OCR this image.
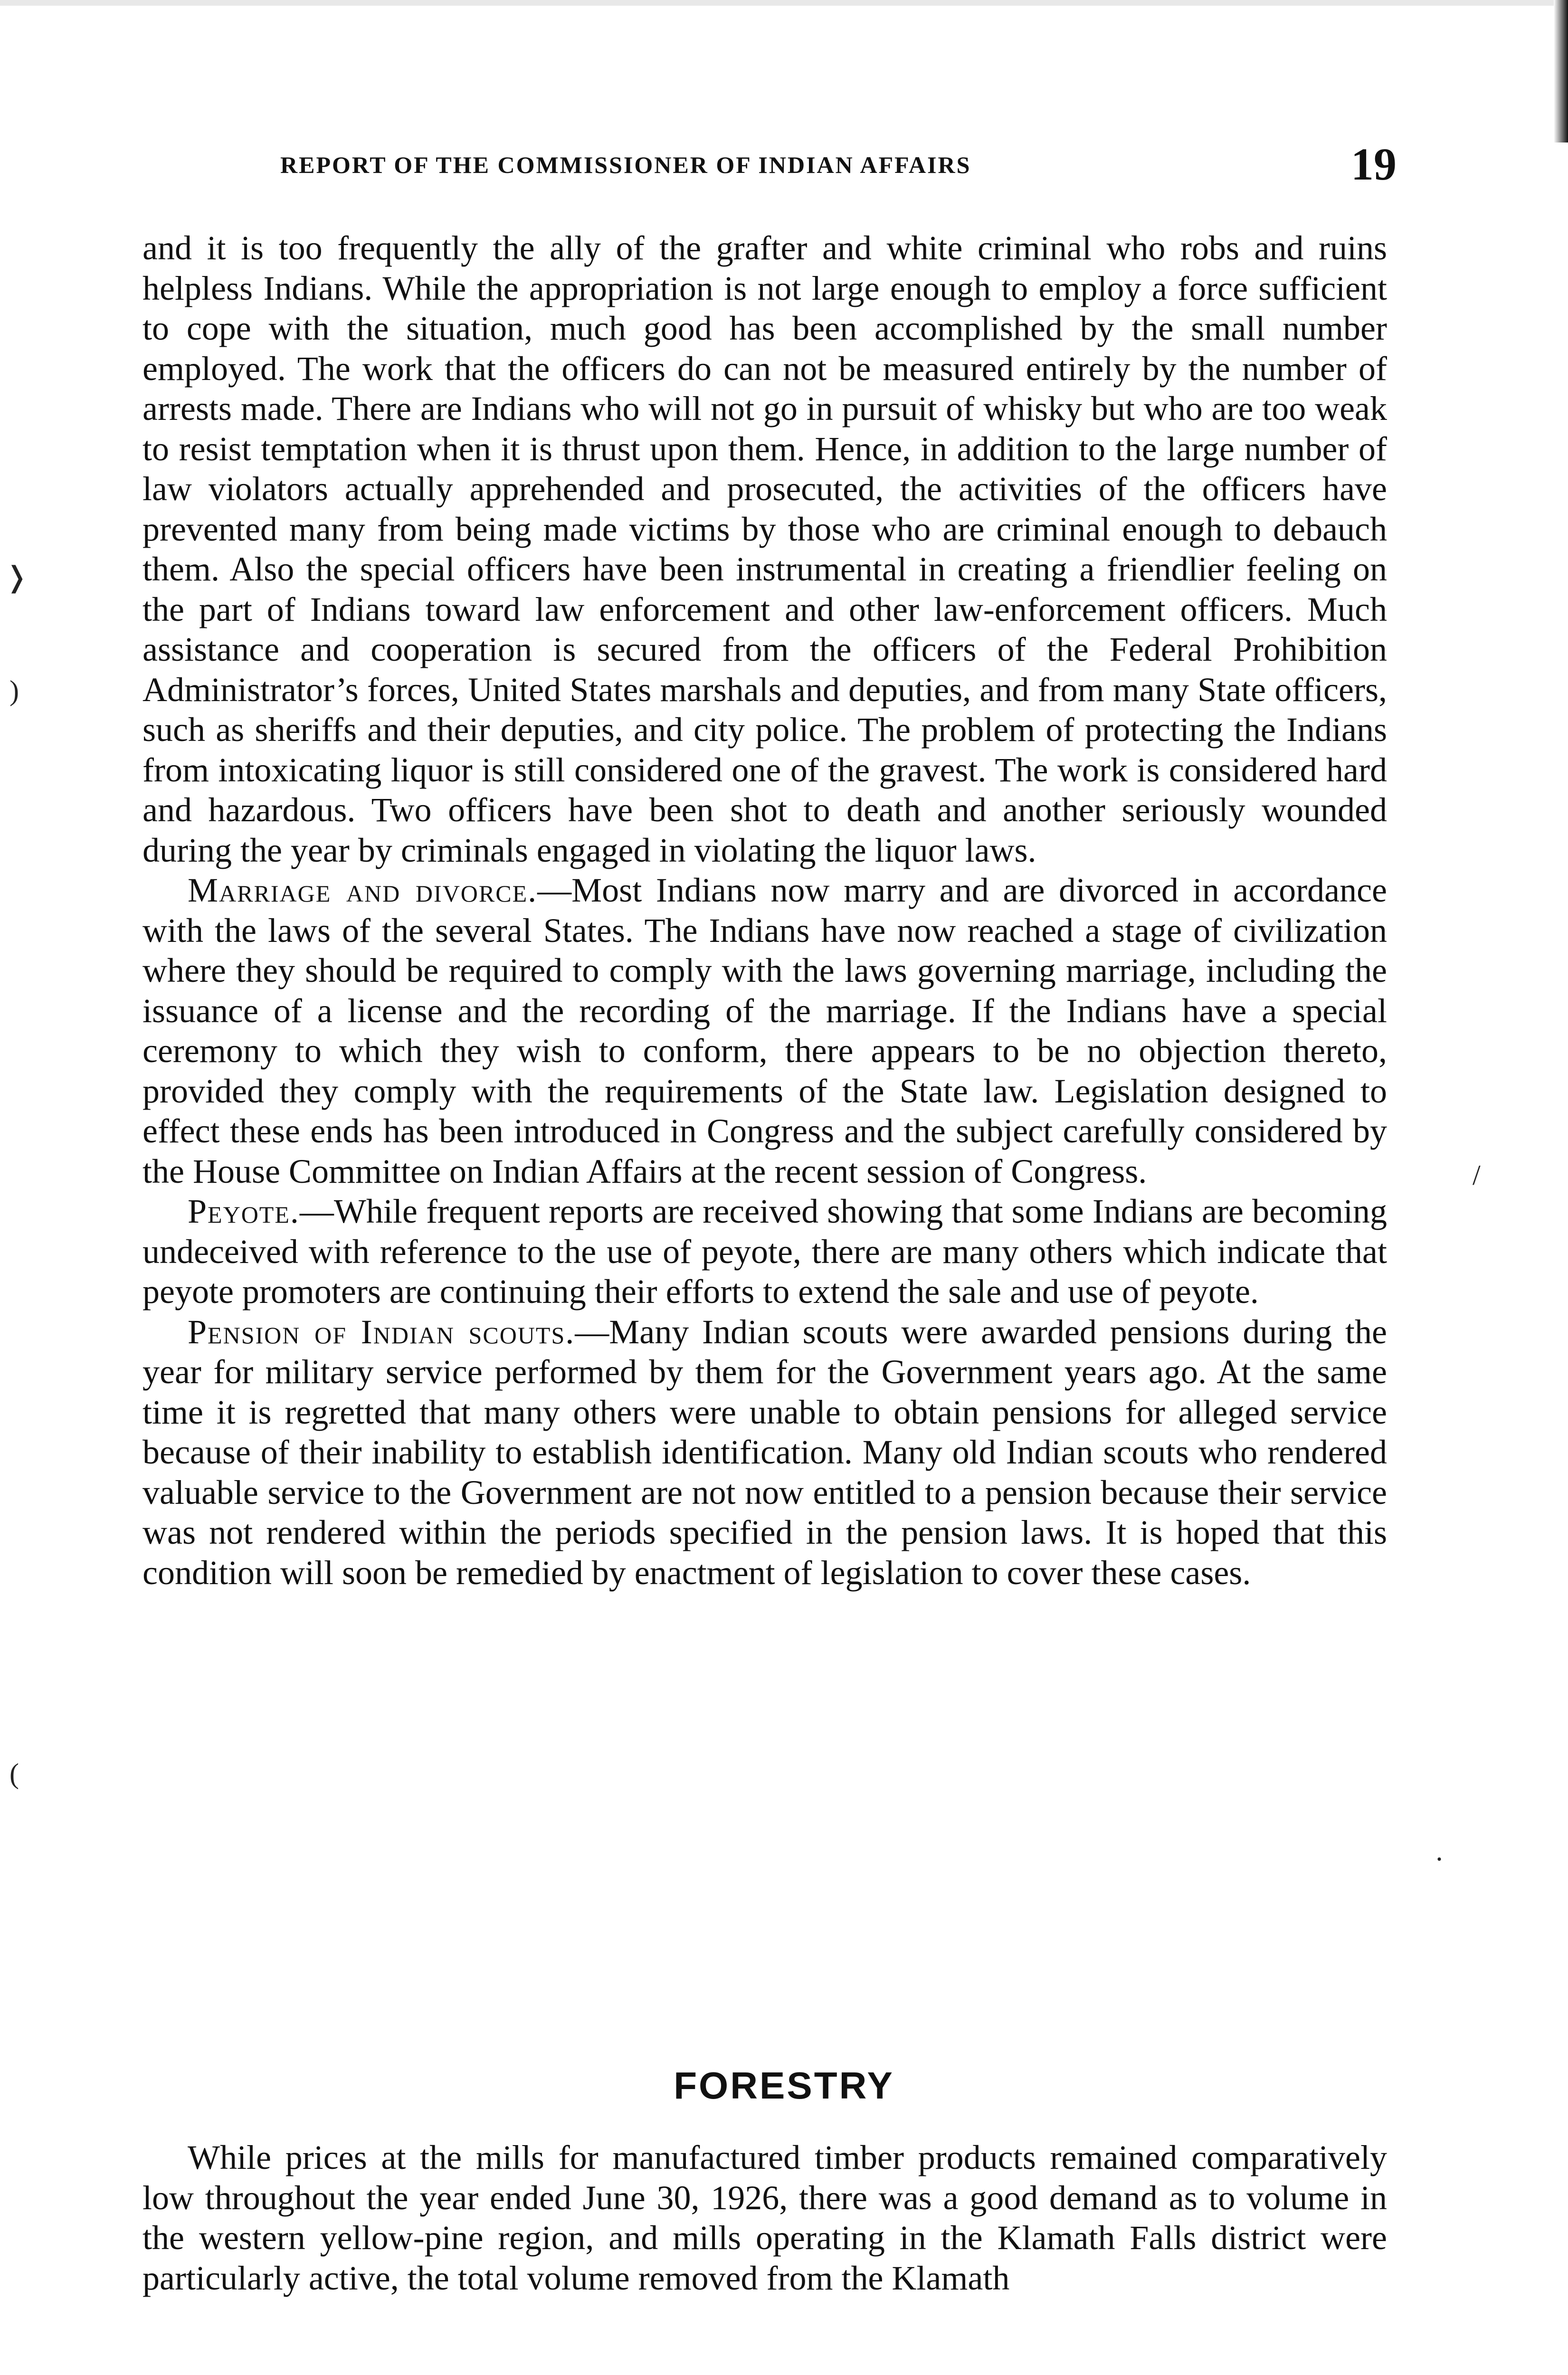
REPORT OF THE COMMISSIONER OF INDIAN AFFAIRS	19

and it is too frequently the ally of the grafter and white criminal who robs and ruins helpless Indians. While the appropriation is not large enough to employ a force sufficient to cope with the situation, much good has been accomplished by the small number employed. The work that the officers do can not be measured entirely by the number of arrests made. There are Indians who will not go in pursuit of whisky but who are too weak to resist temptation when it is thrust upon them. Hence, in addition to the large number of law violators actually apprehended and prosecuted, the activities of the officers have prevented many from being made victims by those who are criminal enough to debauch them. Also the special officers have been instrumental in creating a friendlier feeling on the part of Indians toward law enforcement and other law-enforcement officers. Much assistance and cooperation is secured from the officers of the Federal Prohibition Administrator’s forces, United States marshals and deputies, and from many State officers, such as sheriffs and their deputies, and city police. The problem of protecting the Indians from intoxicating liquor is still considered one of the gravest. The work is considered hard and hazardous. Two officers have been shot to death and another seriously wounded during the year by criminals engaged in violating the liquor laws.

Marriage and divorce.—Most Indians now marry and are divorced in accordance with the laws of the several States. The Indians have now reached a stage of civilization where they should be required to comply with the laws governing marriage, including the issuance of a license and the recording of the marriage. If the Indians have a special ceremony to which they wish to conform, there appears to be no objection thereto, provided they comply with the requirements of the State law. Legislation designed to effect these ends has been introduced in Congress and the subject carefully considered by the House Committee on Indian Affairs at the recent session of Congress.

Peyote.—While frequent reports are received showing that some Indians are becoming undeceived with reference to the use of peyote, there are many others which indicate that peyote promoters are continuing their efforts to extend the sale and use of peyote.

Pension of Indian scouts.—Many Indian scouts were awarded pensions during the year for military service performed by them for the Government years ago. At the same time it is regretted that many others were unable to obtain pensions for alleged service because of their inability to establish identification. Many old Indian scouts who rendered valuable service to the Government are not now entitled to a pension because their service was not rendered within the periods specified in the pension laws. It is hoped that this condition will soon be remedied by enactment of legislation to cover these cases.

FORESTRY

While prices at the mills for manufactured timber products remained comparatively low throughout the year ended June 30, 1926, there was a good demand as to volume in the western yellow-pine region, and mills operating in the Klamath Falls district were particularly active, the total volume removed from the Klamath

❭
)
(
/
·
